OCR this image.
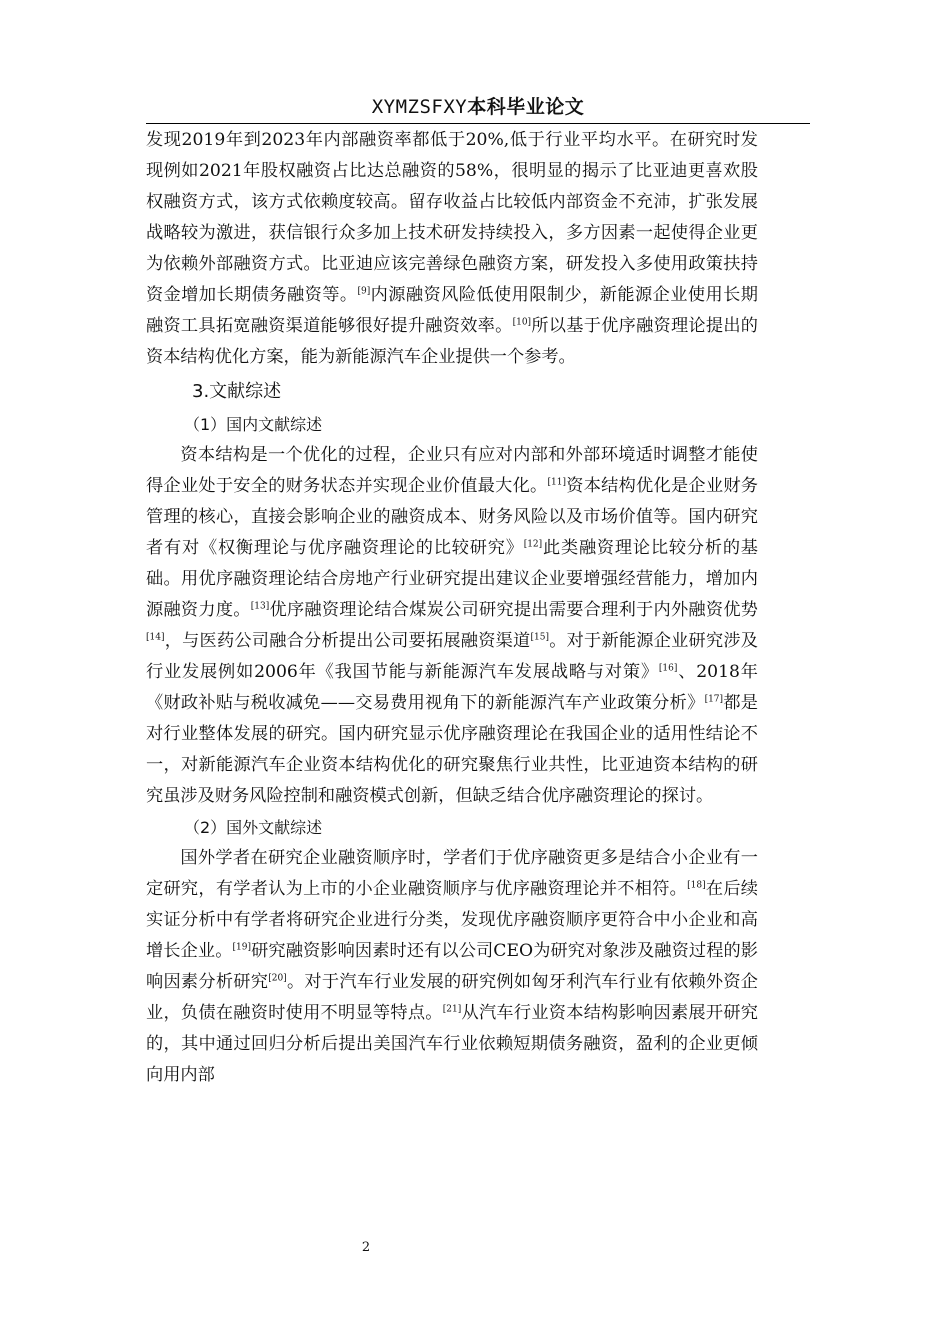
XYMZSFXY本科毕业论文

发现2019年到2023年内部融资率都低于20%,低于行业平均水平。在研究时发现例如2021年股权融资占比达总融资的58%，很明显的揭示了比亚迪更喜欢股权融资方式，该方式依赖度较高。留存收益占比较低内部资金不充沛，扩张发展战略较为激进，获信银行众多加上技术研发持续投入，多方因素一起使得企业更为依赖外部融资方式。比亚迪应该完善绿色融资方案，研发投入多使用政策扶持资金增加长期债务融资等。[9]内源融资风险低使用限制少，新能源企业使用长期融资工具拓宽融资渠道能够很好提升融资效率。[10]所以基于优序融资理论提出的资本结构优化方案，能为新能源汽车企业提供一个参考。

3.文献综述
（1）国内文献综述

资本结构是一个优化的过程，企业只有应对内部和外部环境适时调整才能使得企业处于安全的财务状态并实现企业价值最大化。[11]资本结构优化是企业财务管理的核心，直接会影响企业的融资成本、财务风险以及市场价值等。国内研究者有对《权衡理论与优序融资理论的比较研究》[12]此类融资理论比较分析的基础。用优序融资理论结合房地产行业研究提出建议企业要增强经营能力，增加内源融资力度。[13]优序融资理论结合煤炭公司研究提出需要合理利于内外融资优势[14]，与医药公司融合分析提出公司要拓展融资渠道[15]。对于新能源企业研究涉及行业发展例如2006年《我国节能与新能源汽车发展战略与对策》[16]、2018年《财政补贴与税收减免——交易费用视角下的新能源汽车产业政策分析》[17]都是对行业整体发展的研究。国内研究显示优序融资理论在我国企业的适用性结论不一，对新能源汽车企业资本结构优化的研究聚焦行业共性，比亚迪资本结构的研究虽涉及财务风险控制和融资模式创新，但缺乏结合优序融资理论的探讨。

（2）国外文献综述

国外学者在研究企业融资顺序时，学者们于优序融资更多是结合小企业有一定研究，有学者认为上市的小企业融资顺序与优序融资理论并不相符。[18]在后续实证分析中有学者将研究企业进行分类，发现优序融资顺序更符合中小企业和高增长企业。[19]研究融资影响因素时还有以公司CEO为研究对象涉及融资过程的影响因素分析研究[20]。对于汽车行业发展的研究例如匈牙利汽车行业有依赖外资企业，负债在融资时使用不明显等特点。[21]从汽车行业资本结构影响因素展开研究的，其中通过回归分析后提出美国汽车行业依赖短期债务融资，盈利的企业更倾向用内部

2
